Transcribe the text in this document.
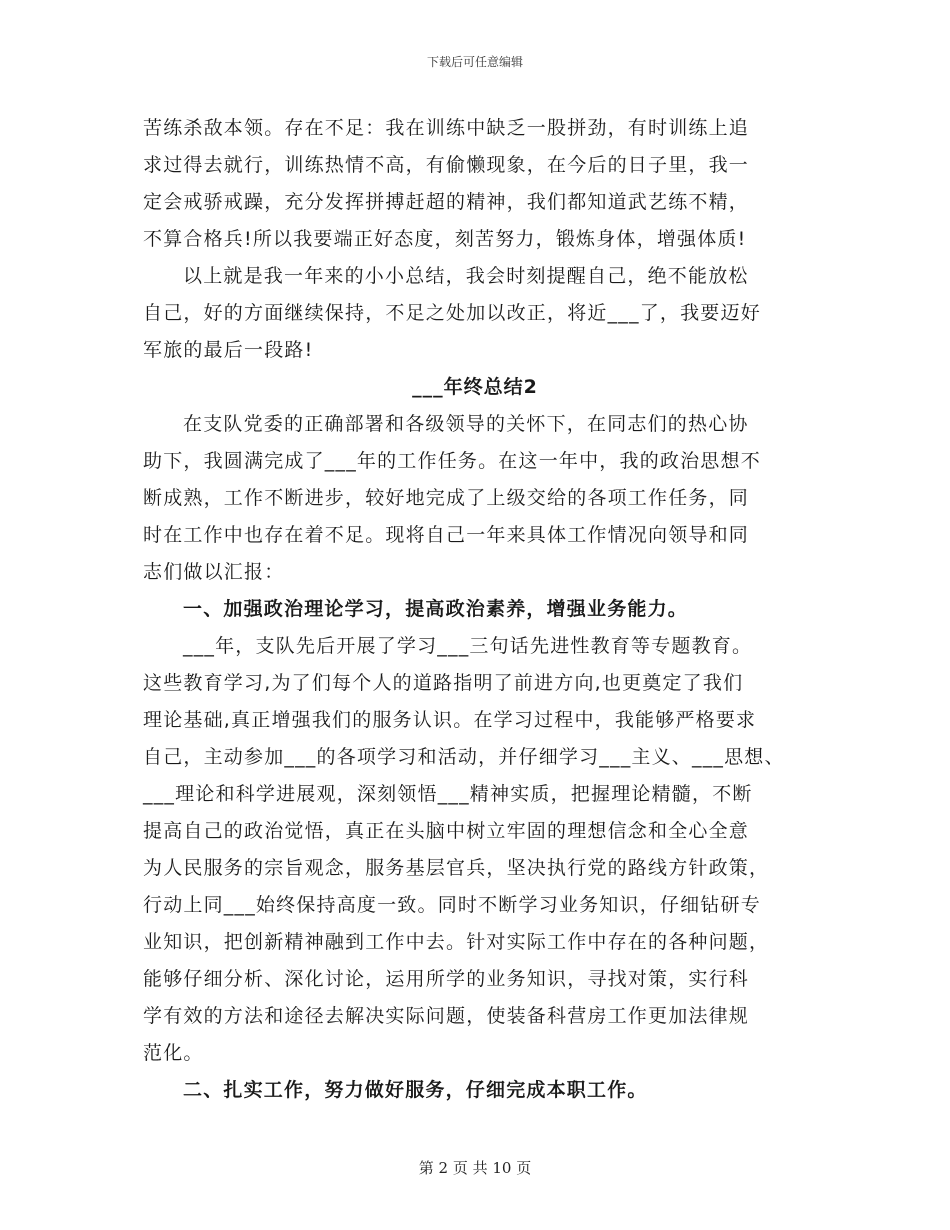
下载后可任意编辑
苦练杀敌本领。存在不足：我在训练中缺乏一股拼劲，有时训练上追
求过得去就行，训练热情不高，有偷懒现象，在今后的日子里，我一
定会戒骄戒躁，充分发挥拼搏赶超的精神，我们都知道武艺练不精，
不算合格兵!所以我要端正好态度，刻苦努力，锻炼身体，增强体质!
以上就是我一年来的小小总结，我会时刻提醒自己，绝不能放松
自己，好的方面继续保持，不足之处加以改正，将近___了，我要迈好
军旅的最后一段路!
___年终总结2
在支队党委的正确部署和各级领导的关怀下，在同志们的热心协
助下，我圆满完成了___年的工作任务。在这一年中，我的政治思想不
断成熟，工作不断进步，较好地完成了上级交给的各项工作任务，同
时在工作中也存在着不足。现将自己一年来具体工作情况向领导和同
志们做以汇报：
一、加强政治理论学习，提高政治素养，增强业务能力。
___年，支队先后开展了学习___三句话先进性教育等专题教育。
这些教育学习,为了们每个人的道路指明了前进方向,也更奠定了我们
理论基础,真正增强我们的服务认识。在学习过程中，我能够严格要求
自己，主动参加___的各项学习和活动，并仔细学习___主义、___思想、
___理论和科学进展观，深刻领悟___精神实质，把握理论精髓，不断
提高自己的政治觉悟，真正在头脑中树立牢固的理想信念和全心全意
为人民服务的宗旨观念，服务基层官兵，坚决执行党的路线方针政策，
行动上同___始终保持高度一致。同时不断学习业务知识，仔细钻研专
业知识，把创新精神融到工作中去。针对实际工作中存在的各种问题，
能够仔细分析、深化讨论，运用所学的业务知识，寻找对策，实行科
学有效的方法和途径去解决实际问题，使装备科营房工作更加法律规
范化。
二、扎实工作，努力做好服务，仔细完成本职工作。
第 2 页 共 10 页
